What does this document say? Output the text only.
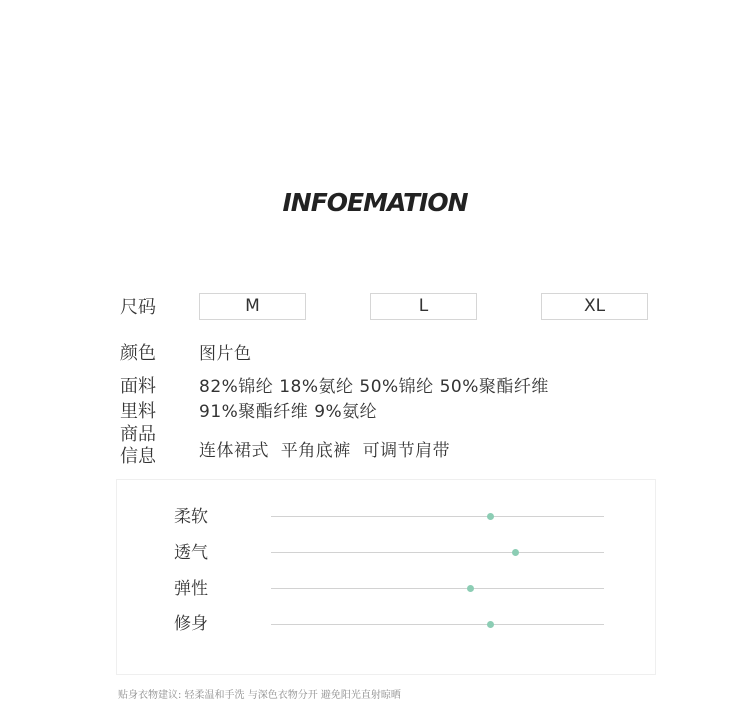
INFOEMATION
尺码	M	L	XL
颜色	图片色
面料	82%锦纶 18%氨纶 50%锦纶 50%聚酯纤维
里料	91%聚酯纤维 9%氨纶
商品
信息	连体裙式  平角底裤  可调节肩带
柔软
透气
弹性
修身
贴身衣物建议: 轻柔温和手洗 与深色衣物分开 避免阳光直射晾晒
